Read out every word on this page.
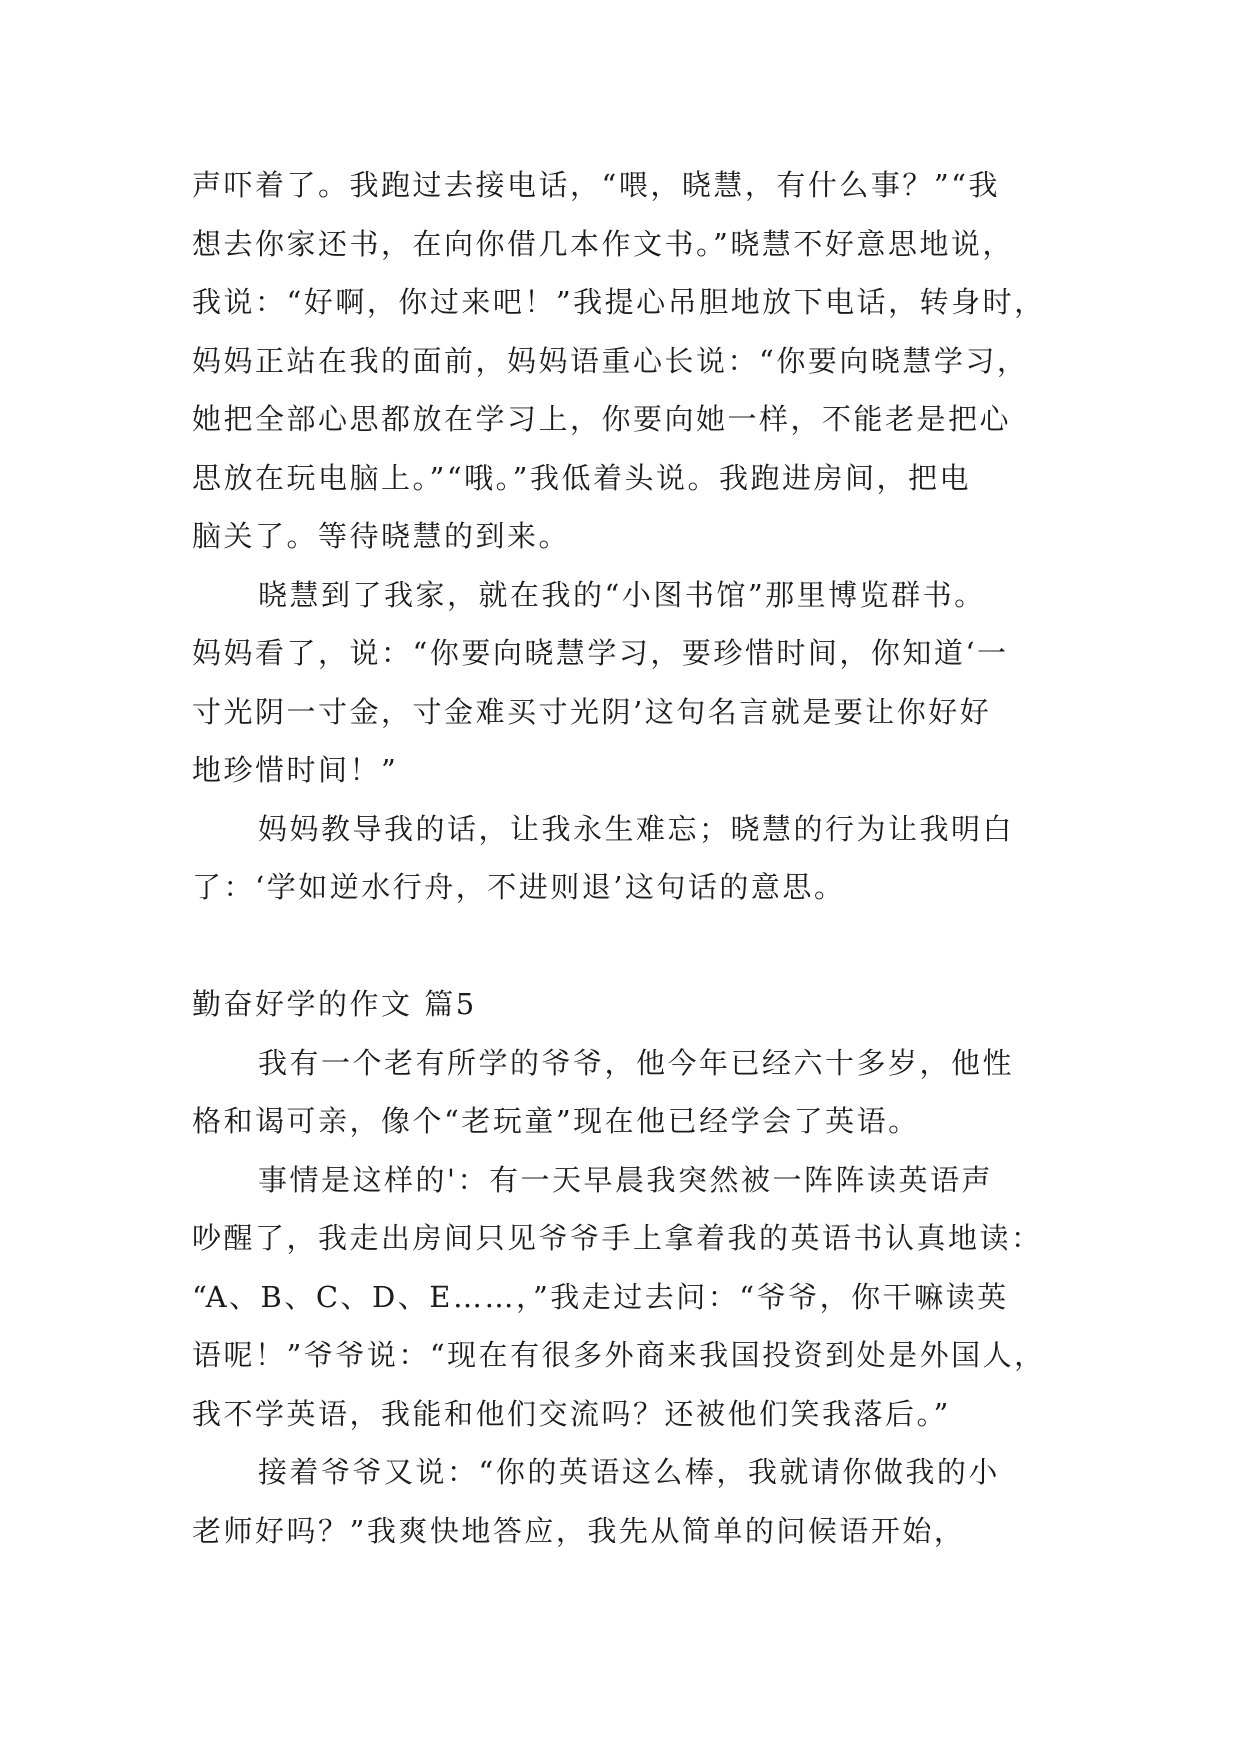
声吓着了。我跑过去接电话，“喂，晓慧，有什么事？”“我
想去你家还书，在向你借几本作文书。”晓慧不好意思地说，
我说：“好啊，你过来吧！”我提心吊胆地放下电话，转身时，
妈妈正站在我的面前，妈妈语重心长说：“你要向晓慧学习，
她把全部心思都放在学习上，你要向她一样，不能老是把心
思放在玩电脑上。”“哦。”我低着头说。我跑进房间，把电
脑关了。等待晓慧的到来。
晓慧到了我家，就在我的“小图书馆”那里博览群书。
妈妈看了，说：“你要向晓慧学习，要珍惜时间，你知道‘一
寸光阴一寸金，寸金难买寸光阴’这句名言就是要让你好好
地珍惜时间！”
妈妈教导我的话，让我永生难忘；晓慧的行为让我明白
了：‘学如逆水行舟，不进则退’这句话的意思。
勤奋好学的作文 篇5
我有一个老有所学的爷爷，他今年已经六十多岁，他性
格和谒可亲，像个“老玩童”现在他已经学会了英语。
事情是这样的'：有一天早晨我突然被一阵阵读英语声
吵醒了，我走出房间只见爷爷手上拿着我的英语书认真地读：
“A、B、C、D、E……，”我走过去问：“爷爷，你干嘛读英
语呢！”爷爷说：“现在有很多外商来我国投资到处是外国人，
我不学英语，我能和他们交流吗？还被他们笑我落后。”
接着爷爷又说：“你的英语这么棒，我就请你做我的小
老师好吗？”我爽快地答应，我先从简单的问候语开始，
